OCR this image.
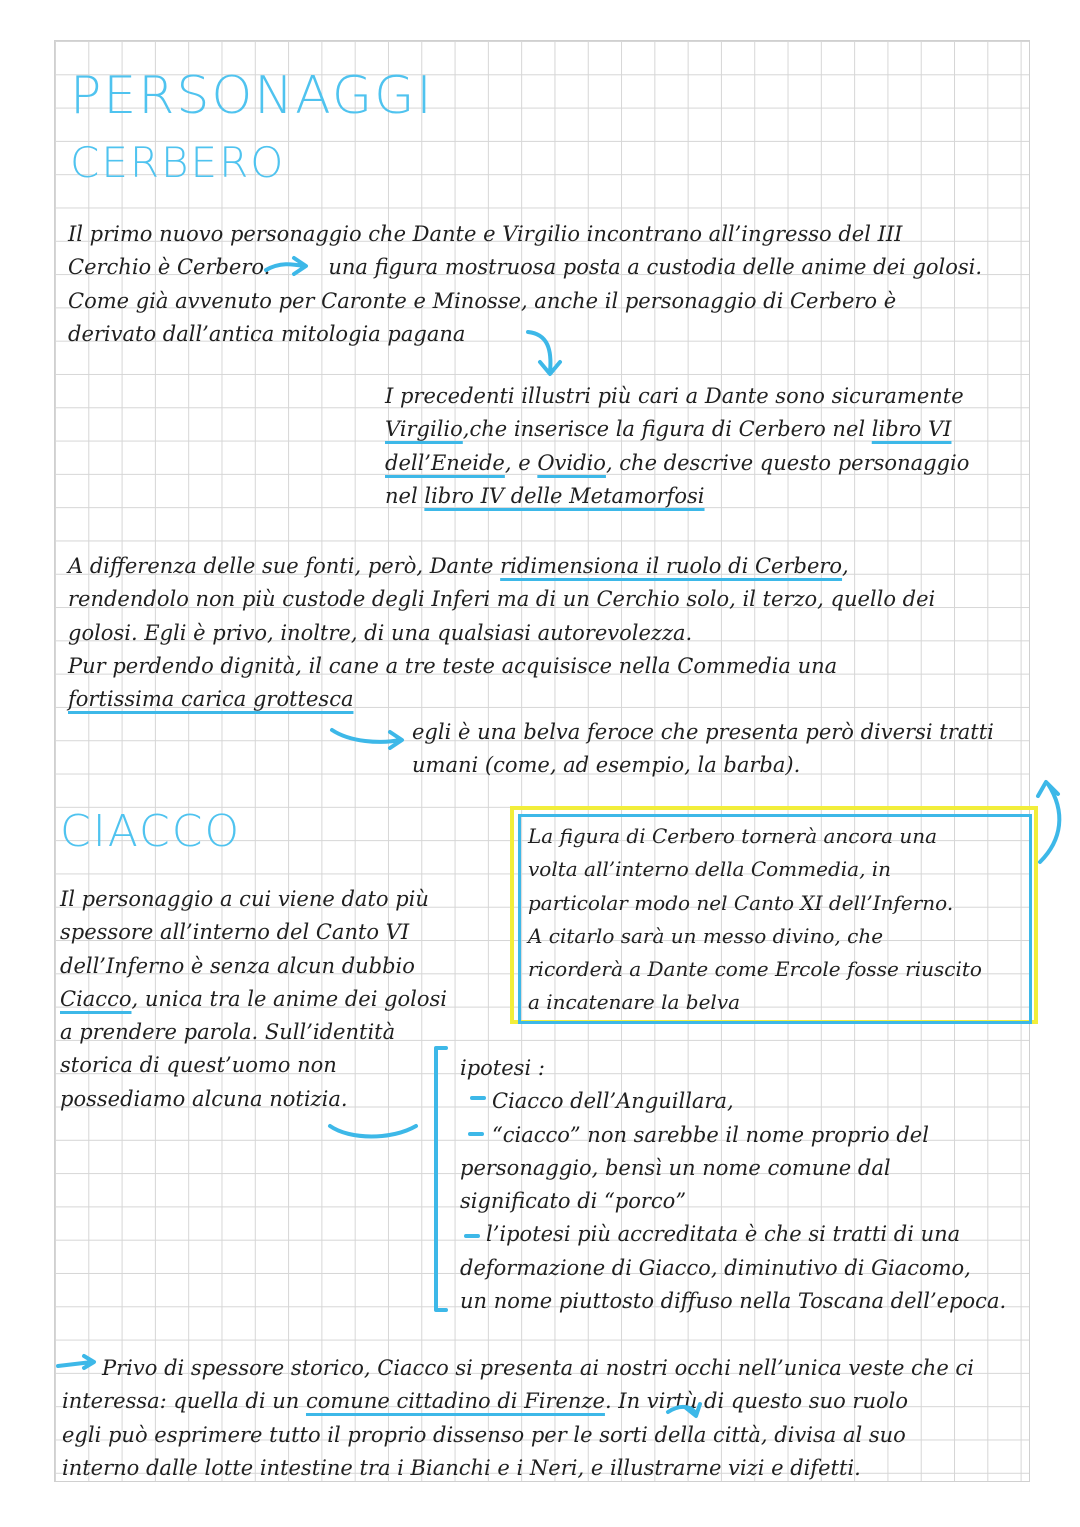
PERSONAGGI
CERBERO
CIACCO
Il primo nuovo personaggio che Dante e Virgilio incontrano all’ingresso del III
Cerchio è Cerbero.	una figura mostruosa posta a custodia delle anime dei golosi.
Come già avvenuto per Caronte e Minosse, anche il personaggio di Cerbero è
derivato dall’antica mitologia pagana
I precedenti illustri più cari a Dante sono sicuramente
Virgilio,che inserisce la figura di Cerbero nel libro VI
dell’Eneide, e Ovidio, che descrive questo personaggio
nel libro IV delle Metamorfosi
A differenza delle sue fonti, però, Dante ridimensiona il ruolo di Cerbero,
rendendolo non più custode degli Inferi ma di un Cerchio solo, il terzo, quello dei
golosi. Egli è privo, inoltre, di una qualsiasi autorevolezza.
Pur perdendo dignità, il cane a tre teste acquisisce nella Commedia una
fortissima carica grottesca
egli è una belva feroce che presenta però diversi tratti
umani (come, ad esempio, la barba).
La figura di Cerbero tornerà ancora una
volta all’interno della Commedia, in
particolar modo nel Canto XI dell’Inferno.
A citarlo sarà un messo divino, che
ricorderà a Dante come Ercole fosse riuscito
a incatenare la belva
Il personaggio a cui viene dato più
spessore all’interno del Canto VI
dell’Inferno è senza alcun dubbio
Ciacco, unica tra le anime dei golosi
a prendere parola. Sull’identità
storica di quest’uomo non
possediamo alcuna notizia.
ipotesi :
Ciacco dell’Anguillara,
“ciacco” non sarebbe il nome proprio del
personaggio, bensì un nome comune dal
significato di “porco”
l’ipotesi più accreditata è che si tratti di una
deformazione di Giacco, diminutivo di Giacomo,
un nome piuttosto diffuso nella Toscana dell’epoca.
Privo di spessore storico, Ciacco si presenta ai nostri occhi nell’unica veste che ci
interessa: quella di un comune cittadino di Firenze. In virtù di questo suo ruolo
egli può esprimere tutto il proprio dissenso per le sorti della città, divisa al suo
interno dalle lotte intestine tra i Bianchi e i Neri, e illustrarne vizi e difetti.
